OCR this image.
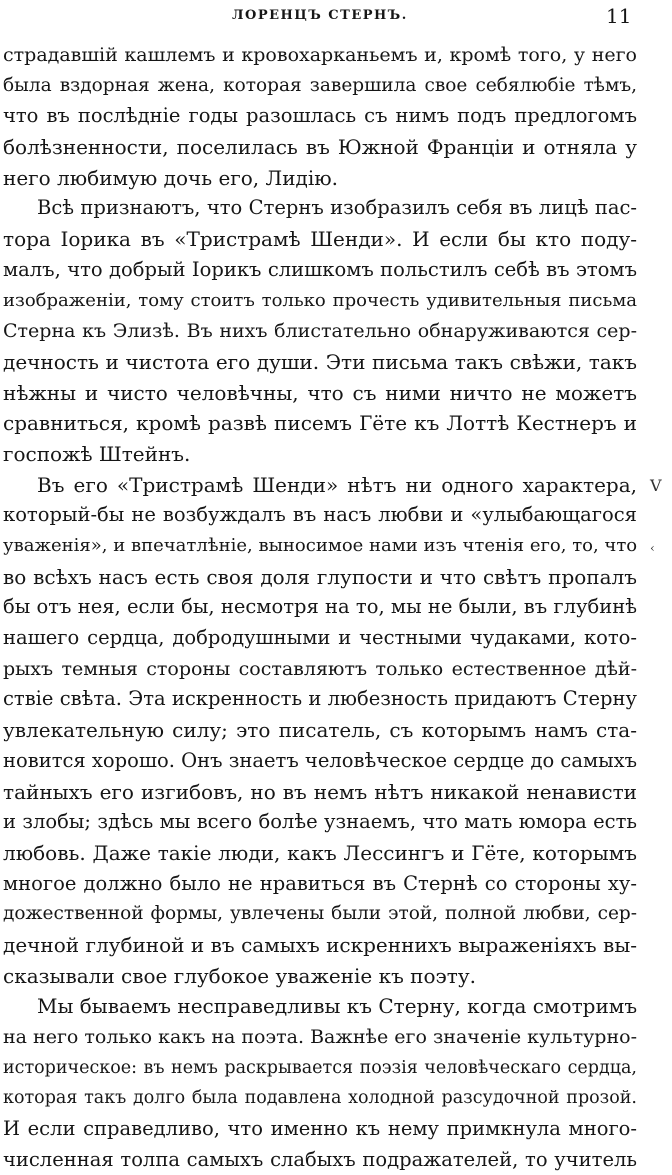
ЛОРЕНЦЪ СТЕРНЪ.	11
страдавшій кашлемъ и кровохарканьемъ и, кромѣ того, у него
была вздорная жена, которая завершила свое себялюбіе тѣмъ,
что въ послѣдніе годы разошлась съ нимъ подъ предлогомъ
болѣзненности, поселилась въ Южной Франціи и отняла у
него любимую дочь его, Лидію.
Всѣ признаютъ, что Стернъ изобразилъ себя въ лицѣ пас-
тора Іорика въ «Тристрамѣ Шенди». И если бы кто поду-
малъ, что добрый Іорикъ слишкомъ польстилъ себѣ въ этомъ
изображеніи, тому стоитъ только прочесть удивительныя письма
Стерна къ Элизѣ. Въ нихъ блистательно обнаруживаются сер-
дечность и чистота его души. Эти письма такъ свѣжи, такъ
нѣжны и чисто человѣчны, что съ ними ничто не можетъ
сравниться, кромѣ развѣ писемъ Гёте къ Лоттѣ Кестнеръ и
госпожѣ Штейнъ.
Въ его «Тристрамѣ Шенди» нѣтъ ни одного характера,
который-бы не возбуждалъ въ насъ любви и «улыбающагося
уваженія», и впечатлѣніе, выносимое нами изъ чтенія его, то, что
во всѣхъ насъ есть своя доля глупости и что свѣтъ пропалъ
бы отъ нея, если бы, несмотря на то, мы не были, въ глубинѣ
нашего сердца, добродушными и честными чудаками, кото-
рыхъ темныя стороны составляютъ только естественное дѣй-
ствіе свѣта. Эта искренность и любезность придаютъ Стерну
увлекательную силу; это писатель, съ которымъ намъ ста-
новится хорошо. Онъ знаетъ человѣческое сердце до самыхъ
тайныхъ его изгибовъ, но въ немъ нѣтъ никакой ненависти
и злобы; здѣсь мы всего болѣе узнаемъ, что мать юмора есть
любовь. Даже такіе люди, какъ Лессингъ и Гёте, которымъ
многое должно было не нравиться въ Стернѣ со стороны ху-
дожественной формы, увлечены были этой, полной любви, сер-
дечной глубиной и въ самыхъ искреннихъ выраженіяхъ вы-
сказывали свое глубокое уваженіе къ поэту.
Мы бываемъ несправедливы къ Стерну, когда смотримъ
на него только какъ на поэта. Важнѣе его значеніе культурно-
историческое: въ немъ раскрывается поэзія человѣческаго сердца,
которая такъ долго была подавлена холодной разсудочной прозой.
И если справедливо, что именно къ нему примкнула много-
численная толпа самыхъ слабыхъ подражателей, то учитель
V
‹
